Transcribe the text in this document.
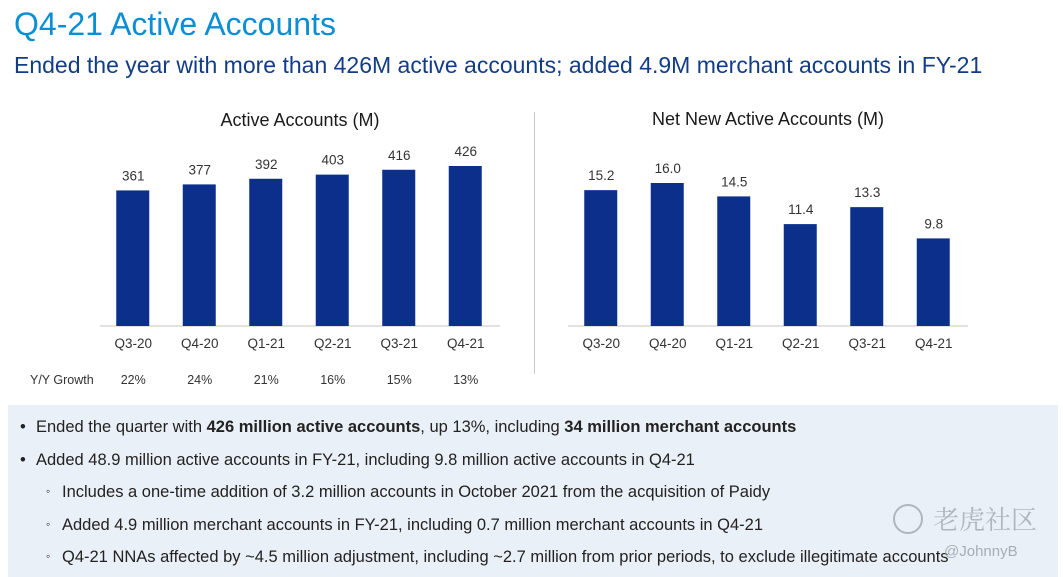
Q4-21 Active Accounts
Ended the year with more than 426M active accounts; added 4.9M merchant accounts in FY-21
Active Accounts (M)
361
Q3-20
377
Q4-20
392
Q1-21
403
Q2-21
416
Q3-21
426
Q4-21
Net New Active Accounts (M)
15.2
Q3-20
16.0
Q4-20
14.5
Q1-21
11.4
Q2-21
13.3
Q3-21
9.8
Q4-21
Y/Y Growth	22%	24%	21%	16%	15%	13%
• Ended the quarter with 426 million active accounts, up 13%, including 34 million merchant accounts
• Added 48.9 million active accounts in FY-21, including 9.8 million active accounts in Q4-21
◦ Includes a one-time addition of 3.2 million accounts in October 2021 from the acquisition of Paidy
◦ Added 4.9 million merchant accounts in FY-21, including 0.7 million merchant accounts in Q4-21
◦ Q4-21 NNAs affected by ~4.5 million adjustment, including ~2.7 million from prior periods, to exclude illegitimate accounts
老虎社区
@JohnnyB
